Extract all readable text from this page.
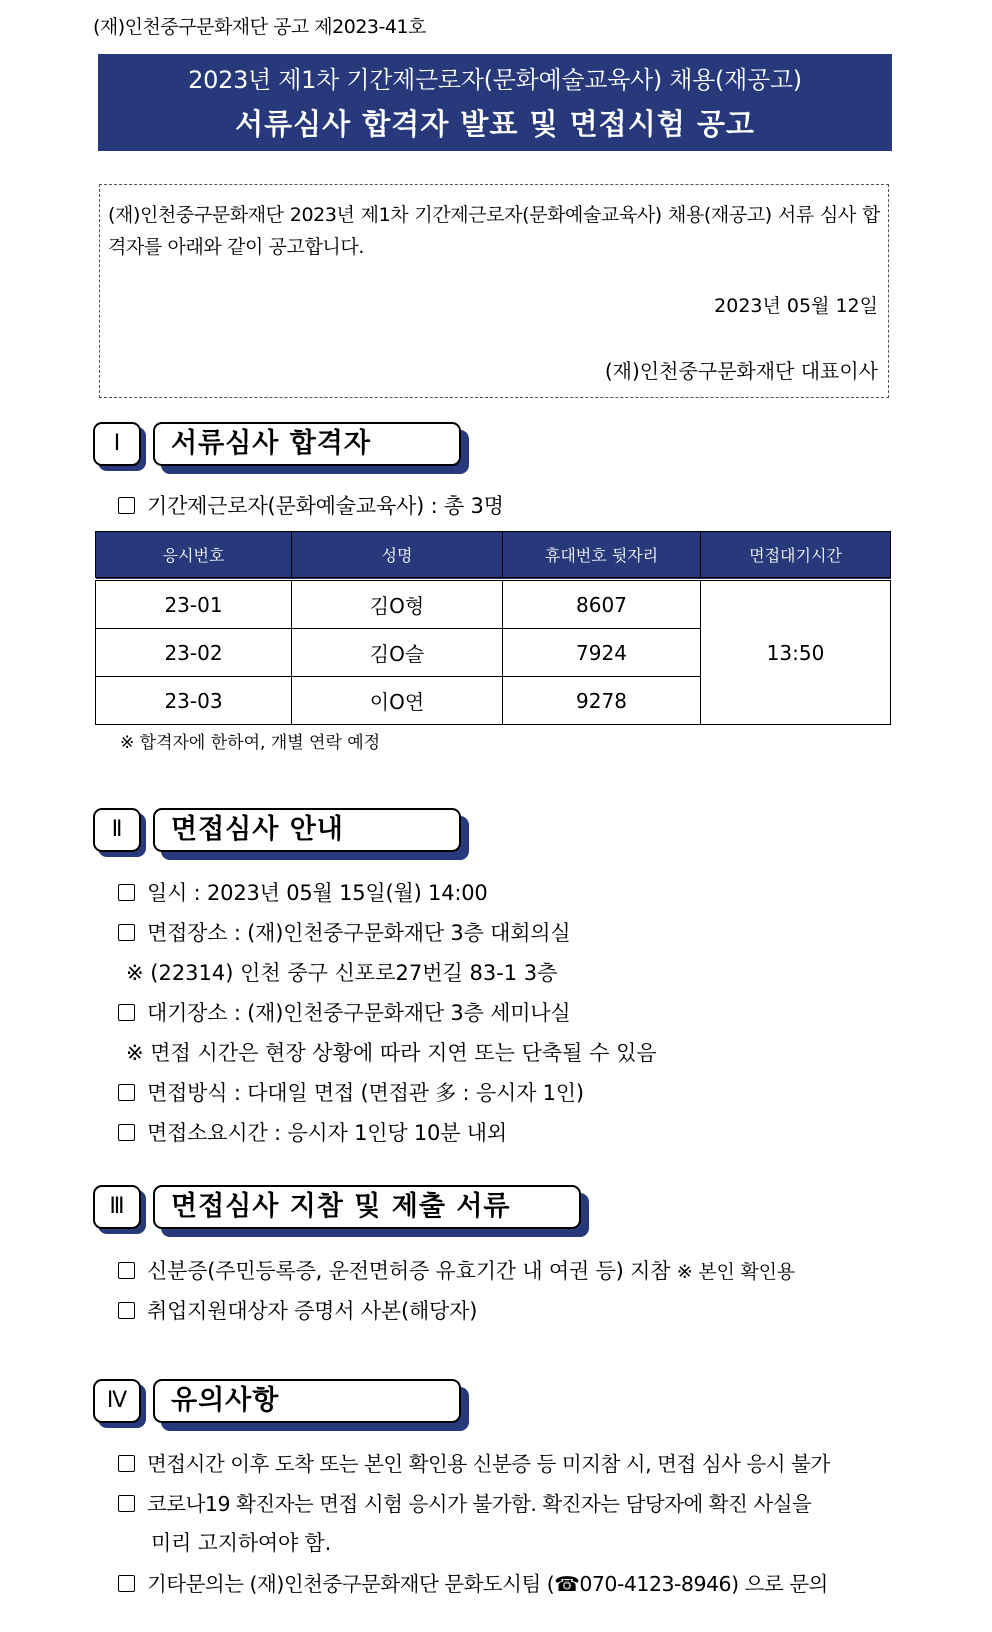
(재)인천중구문화재단 공고 제2023-41호
2023년 제1차 기간제근로자(문화예술교육사) 채용(재공고)
서류심사 합격자 발표 및 면접시험 공고
(재)인천중구문화재단 2023년 제1차 기간제근로자(문화예술교육사) 채용(재공고) 서류 심사 합격자를 아래와 같이 공고합니다.
2023년 05월 12일
(재)인천중구문화재단 대표이사
Ⅰ	서류심사 합격자
기간제근로자(문화예술교육사) : 총 3명
응시번호	성명	휴대번호 뒷자리	면접대기시간
23-01	김O형	8607	13:50
23-02	김O슬	7924	
23-03	이O연	9278	
※ 합격자에 한하여, 개별 연락 예정
Ⅱ	면접심사 안내
일시 : 2023년 05월 15일(월) 14:00
면접장소 : (재)인천중구문화재단 3층 대회의실
※ (22314) 인천 중구 신포로27번길 83-1 3층
대기장소 : (재)인천중구문화재단 3층 세미나실
※ 면접 시간은 현장 상황에 따라 지연 또는 단축될 수 있음
면접방식 : 다대일 면접 (면접관 多 : 응시자 1인)
면접소요시간 : 응시자 1인당 10분 내외
Ⅲ	면접심사 지참 및 제출 서류
신분증(주민등록증, 운전면허증 유효기간 내 여권 등) 지참 ※ 본인 확인용
취업지원대상자 증명서 사본(해당자)
Ⅳ	유의사항
면접시간 이후 도착 또는 본인 확인용 신분증 등 미지참 시, 면접 심사 응시 불가
코로나19 확진자는 면접 시험 응시가 불가함. 확진자는 담당자에 확진 사실을
미리 고지하여야 함.
기타문의는 (재)인천중구문화재단 문화도시팀 (☎070-4123-8946) 으로 문의
